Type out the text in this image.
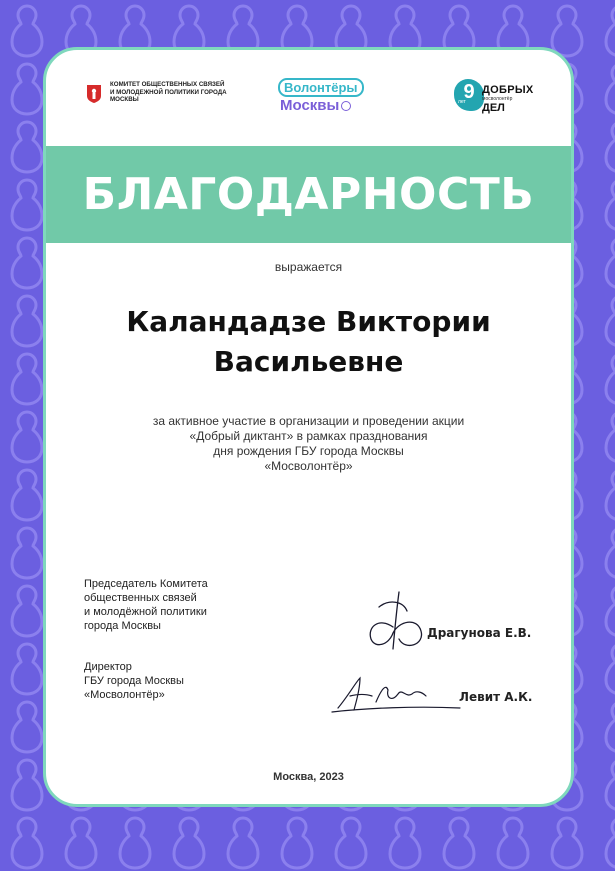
КОМИТЕТ ОБЩЕСТВЕННЫХ СВЯЗЕЙ И МОЛОДЕЖНОЙ ПОЛИТИКИ ГОРОДА МОСКВЫ
Волонтёры
Москвы
9
лет
ДОБРЫХ
мосволонтёр
ДЕЛ
БЛАГОДАРНОСТЬ
выражается
Каландадзе Виктории
Васильевне
за активное участие в организации и проведении акции
«Добрый диктант» в рамках празднования
дня рождения ГБУ города Москвы
«Мосволонтёр»
Председатель Комитета
общественных связей
и молодёжной политики
города Москвы	Драгунова Е.В.
Директор
ГБУ города Москвы
«Мосволонтёр»	Левит А.К.
Москва, 2023
